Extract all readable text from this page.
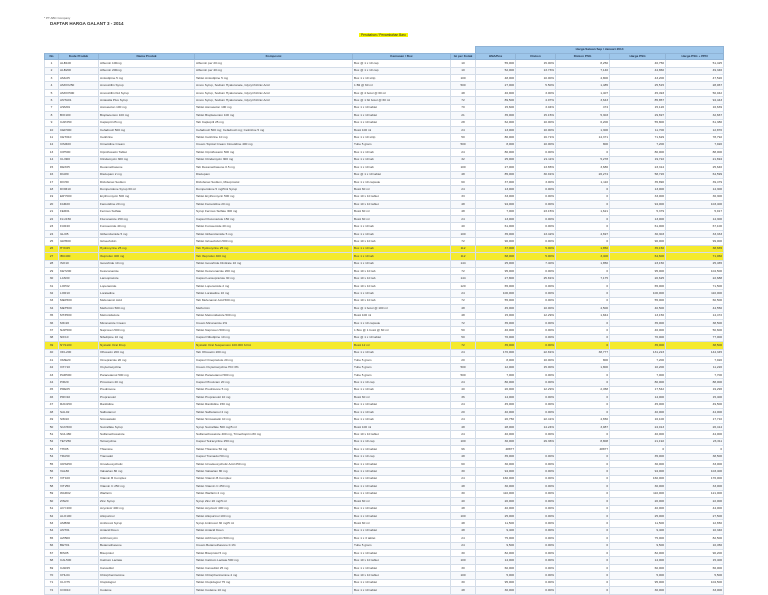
* PT ABC Company
DAFTAR HARGA GALANT 3 - 2014
Perubahan / Penambahan Baru
						Harga Satuan Sep / Januari 2014				
No	Kode Produk	Nama Produk	Komposisi	Kemasan / Box	Isi per Kotak	HNA/Box	Diskon	Diskon PSG	Harga PSG	Harga PSG + PPN
1	ALB100	Albumin 100mg	Albumin per 20 mg	Box @ 1 x 10 cap	10	55,000	15.00%	8,250	46,750	51,425
2	ALB200	Albumin 200mg	Albumin per 40 mg	Box @ 1 x 10 cap	10	52,000	13.73%	7,140	44,860	49,346
3	AML05	Amlodipine 5 mg	Tablet Amlodipine 5 mg	Box 1 x 10 strip	100	48,000	10.00%	4,800	43,200	47,520
4	AMOX250	Amoxicillin Syrup	Amox Syrup, Sodium Hyaluronate, Glycyrrhizinic Acid	1 Btl @ 60 ml	500	27,000	5.50%	1,485	25,515	28,067
5	AMOX500	Amoxicillin Kid Syrup	Amox Syrup, Sodium Hyaluronate, Glycyrrhizinic Acid	Box @ 4 botol @ 60 ml	48	46,900	3.00%	1,407	45,493	50,042
6	ANTA01	Antasida Plus Syrup	Amox Syrup, Sodium Hyaluronate, Glycyrrhizinic Acid	Box @ 1 btl botol @ 60 ml	72	89,500	4.07%	3,643	85,857	94,443
7	ASM01	Asmasolon 100 mg	Tablet Asmasolon 100 mg	Box 1 x 10 tablet	70	15,600	3.04%	474	15,126	16,639
8	BIO100	Bioplacenton 100 mg	Tablet Bioplacenton 100 mg	Box 1 x 10 tablet	21	35,000	15.15%	5,303	29,697	32,667
9	CAP250	Captopril 25 mg	Tab Captopril 25 mg	Box 1 x 10 tablet	28	62,000	10.00%	6,200	55,800	61,380
10	CEF500	Cefadroxil 500 mg	Cefadroxil 500 mg; Cefadroxil mg; Cetirizine 5 mg	Botol 100 ml	24	13,000	10.00%	1,300	11,700	12,870
11	CET010	Cetirizine	Tablet Cetirizine 10 mg	Box 1 x 10 strip	50	86,000	16.71%	14,371	71,629	78,792
12	CIM400	Cimetidine Cream	Cream Topical Cream Cimetidine 400 mg	Tube 5 gram	500	8,000	10.00%	800	7,200	7,920
13	CIP500	Ciprofloxacin Tablet	Tablet Ciprofloxacin 500 mg	Box 1 x 10 tab	24	80,000	0.00%	0	80,000	88,000
14	CLI300	Clindamycin 300 mg	Tablet Clindamycin 300 mg	Box 1 x 10 tab	32	25,000	21.11%	5,278	19,722	21,694
15	DEX05	Dexamethasone	Tab Dexamethasone 0.5 mg	Box 1 x 10 tab	100	27,000	13.65%	3,686	23,314	25,646
16	DIA80	Diazepam 2 mg	Diazepam	Box @ 1 x 10 tablet	48	85,000	30.91%	26,274	58,726	64,599
17	DIC50	Diclofenac Sodium	Diclofenac Sodium, Misoprostol	Box 1 x 10 capsule	60	37,000	3.00%	1,110	35,890	39,479
18	DOM10	Domperidone Syrup 60 ml	Domperidone 5 mg/5ml Syrup	Botol 60 ml	24	13,000	0.00%	0	13,000	14,300
19	ERY500	Erythromycin 500 mg	Tablet Erythromycin 500 mg	Box 10 x 10 tablet	33	33,000	0.00%	0	33,000	36,300
20	FAM20	Famotidine 20 mg	Tablet Famotidine 20 mg	Box 10 x 10 tablet	48	94,000	0.00%	0	94,000	103,400
21	FER01	Ferrous Sulfate	Syrup Ferrous Sulfate 300 mg	Botol 60 ml	48	7,000	23.15%	1,621	5,379	5,917
22	FLU150	Fluconazole 150 mg	Capsul Fluconazole 150 mg	Botol 60 ml	24	13,000	0.00%	0	13,000	14,300
23	FUR40	Furosemide 40 mg	Tablet Furosemide 40 mg	Box 1 x 10 tab	40	61,000	0.00%	0	61,000	67,100
24	GLI05	Glibenclamide 5 mg	Tablet Glibenclamide 5 mg	Box 1 x 10 tab	100	35,000	13.42%	4,697	30,303	33,333
25	GRI500	Griseofulvin	Tablet Griseofulvin 500 mg	Box 10 x 10 tab	72	90,000	0.00%	0	90,000	99,000
26	HYD25	Hydroxyzine 25 mg	Tab Hydroxyzine 25 mg	Box 1 x 10 tab	112	37,000	5.00%	1,850	35,150	38,665
27	IBU400	Ibuprofen 400 mg	Tab Ibuprofen 400 mg	Box 1 x 10 tab	112	68,000	5.00%	3,400	64,600	71,060
28	ISO10	Isosorbide 10 mg	Tablet Isosorbide Dinitrate 10 mg	Box 1 x 10 tab	144	25,000	7.40%	1,850	23,150	25,465
29	KET200	Ketoconazole	Tablet Ketoconazole 200 mg	Box 10 x 10 tab	72	95,000	0.00%	0	95,000	104,500
30	LAN30	Lansoprazole	Capsul Lansoprazole 30 mg	Box 10 x 10 tab	144	27,800	25.81%	7,175	20,625	22,688
31	LOP02	Loperamide	Tablet Loperamide 2 mg	Box 10 x 10 tab	120	65,000	0.00%	0	65,000	71,500
32	LOR10	Loratadine	Tablet Loratadine 10 mg	Box 1 x 10 tab	24	100,000	0.00%	0	100,000	110,000
33	MEF500	Mefenamic Acid	Tab Mefenamic Acid 500 mg	Box 10 x 10 tab	72	55,000	0.00%	0	55,000	60,500
34	MET500	Metformin 500 mg	Metformin	Box @ 1 botol @ 100 ml	48	45,000	10.00%	4,500	40,500	44,550
35	MTZ500	Metronidazole	Tablet Metronidazole 500 mg	Botol 100 ml	48	15,000	12.29%	1,844	13,156	14,472
36	MIC20	Miconazole Cream	Cream Miconazole 2%	Box 1 x 10 capsule	72	35,000	0.00%	0	35,000	38,500
37	NAP500	Naproxen 500 mg	Tablet Naproxen 500 mg	1 Box @ 1 botol @ 60 ml	50	46,000	0.00%	0	46,000	50,600
38	NIF10	Nifedipine 10 mg	Capsul Nifedipine 10 mg	Box @ 1 x 10 tablet	50	70,000	0.00%	0	70,000	77,000
39	NYS100	Nystatin Oral Drop	Nystatin Oral Suspension 100.000 IU/ml	Botol 12 ml	72	35,000	0.00%	0	35,000	38,500
40	OFL200	Ofloxacin 200 mg	Tab Ofloxacin 200 mg	Box 1 x 10 tab	24	170,000	22.81%	38,777	131,223	144,345
41	OME20	Omeprazole 20 mg	Capsul Omeprazole 20 mg	Tube 5 gram	20	8,000	10.00%	800	7,200	7,920
42	OXY10	Oxytetracycline	Cream Oxytetracycline HCl 3%	Tube 5 gram	500	12,000	15.00%	1,800	10,200	11,220
43	PAR500	Paracetamol 500 mg	Tablet Paracetamol 500 mg	Tube 5 gram	500	7,000	0.00%	0	7,000	7,700
44	PIR20	Piroxicam 20 mg	Capsul Piroxicam 20 mg	Box 1 x 10 cap	24	80,000	0.00%	0	80,000	88,000
45	PRE05	Prednisone	Tablet Prednisone 5 mg	Box 1 x 10 tab	40	20,000	12.29%	2,458	17,542	19,296
46	PRO10	Propranolol	Tablet Propranolol 10 mg	Botol 60 ml	36	14,000	0.00%	0	14,000	15,400
47	RAN150	Ranitidine	Tablet Ranitidine 150 mg	Box 1 x 10 tablet	24	45,000	0.00%	0	45,000	49,500
48	SAL02	Salbutamol	Tablet Salbutamol 2 mg	Box 1 x 10 tab	20	40,000	0.00%	0	40,000	44,000
49	SIM10	Simvastatin	Tablet Simvastatin 10 mg	Box 1 x 10 tab	24	20,750	22.41%	4,650	16,100	17,710
50	SUC500	Sucralfate Syrup	Syrup Sucralfate 500 mg/5 ml	Botol 100 ml	48	28,000	14.24%	3,987	24,013	26,414
51	SUL480	Sulfamethoxazole	Sulfamethoxazole 400 mg, Trimethoprim 80 mg	Box 10 x 10 tablet	24	40,000	0.00%	0	40,000	44,000
52	TET250	Tetracycline	Capsul Tetracycline 250 mg	Box 1 x 10 cap	100	30,000	29.36%	8,808	21,192	23,311
53	THI05	Thiamine	Tablet Thiamine 50 mg	Box 1 x 10 tablet	96	48877		48877	0	0
54	TRA50	Tramadol	Capsul Tramadol 50 mg	Box 1 x 10 cap	48	35,000	0.00%	0	35,000	38,500
55	URS250	Ursodeoxycholic	Tablet Ursodeoxycholic Acid 250 mg	Box 1 x 10 tablet	60	30,000	0.00%	0	30,000	33,000
56	VAL80	Valsartan 80 mg	Tablet Valsartan 80 mg	Box 1 x 10 tablet	30	94,000	0.00%	0	94,000	103,400
57	VIT100	Vitamin B Complex	Tablet Vitamin B Complex	Box 1 x 10 tablet	24	160,000	0.00%	0	160,000	176,000
58	VIT250	Vitamin C 250 mg	Tablet Vitamin C 250 mg	Box 1 x 10 tablet	48	30,000	0.00%	0	30,000	33,000
59	WAR02	Warfarin	Tablet Warfarin 2 mg	Box 1 x 10 tablet	30	110,000	0.00%	0	110,000	121,000
60	ZIN20	Zinc Syrup	Syrup Zinc 20 mg/5 ml	Botol 60 ml	40	20,000	0.00%	0	20,000	22,000
61	ACY400	Acyclovir 400 mg	Tablet Acyclovir 400 mg	Box 1 x 10 tablet	48	40,000	0.00%	0	40,000	44,000
62	ALO100	Allopurinol	Tablet Allopurinol 100 mg	Box 1 x 10 tablet	100	25,000	0.00%	0	25,000	27,500
63	AMB30	Ambroxol Syrup	Syrup Ambroxol 30 mg/5 ml	Botol 60 ml	48	11,500	0.00%	0	11,500	12,650
64	ANT01	Antacid Doen	Tablet Antacid Doen	Box 1 x 10 tablet	48	9,400	0.00%	0	9,400	10,340
65	AZI500	Azithromycin	Tablet Azithromycin 500 mg	Box 1 x 3 tablet	24	75,000	0.00%	0	75,000	82,500
66	BET01	Betamethasone	Cream Betamethasone 0.1%	Tube 5 gram	24	9,500	0.00%	0	9,500	10,450
67	BIS05	Bisoprolol	Tablet Bisoprolol 5 mg	Box 1 x 10 tablet	30	82,000	0.00%	0	82,000	90,200
68	CAL500	Calcium Lactate	Tablet Calcium Lactate 500 mg	Box 10 x 10 tablet	100	14,000	0.00%	0	14,000	15,400
69	CAR25	Carvedilol	Tablet Carvedilol 25 mg	Box 1 x 10 tablet	30	60,000	0.00%	0	60,000	66,000
70	CHL04	Chlorpheniramine	Tablet Chlorpheniramine 4 mg	Box 10 x 10 tablet	100	5,000	0.00%	0	5,000	5,500
71	CLO75	Clopidogrel	Tablet Clopidogrel 75 mg	Box 1 x 10 tablet	30	95,000	0.00%	0	95,000	104,500
72	COD10	Codeine	Tablet Codeine 10 mg	Box 1 x 10 tablet	48	30,000	0.00%	0	30,000	33,000
